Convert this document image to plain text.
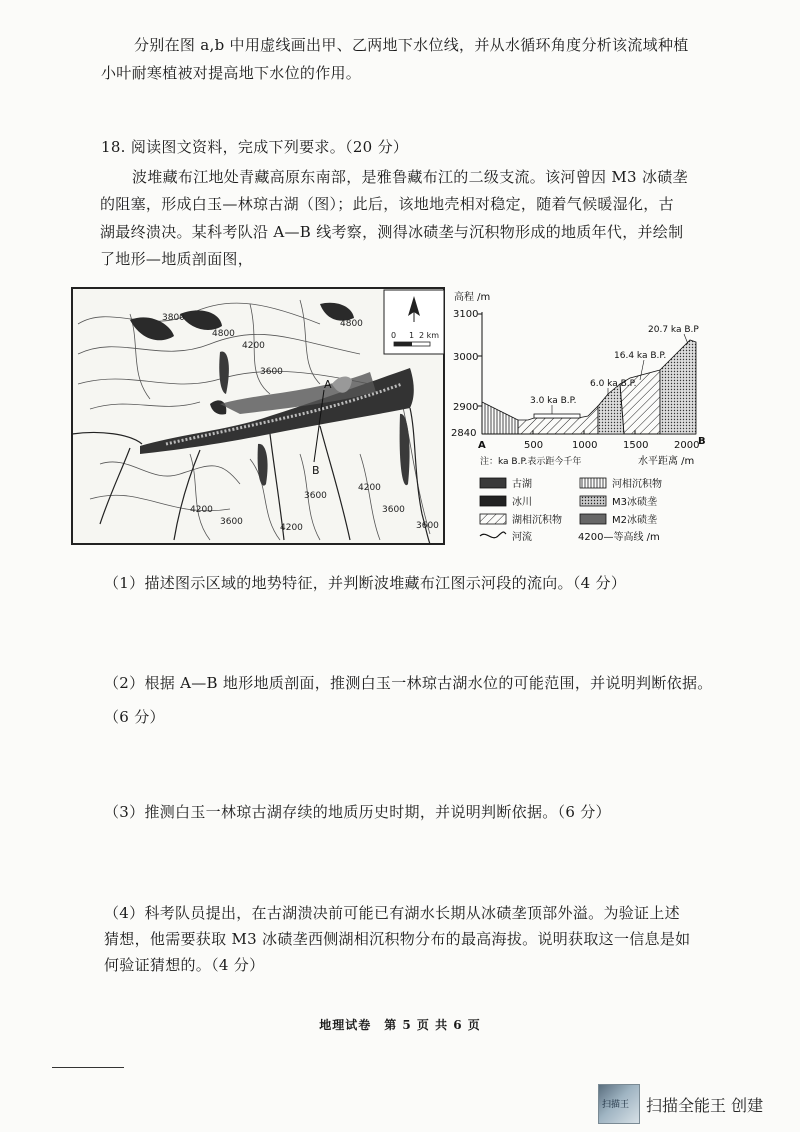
分别在图 a,b 中用虚线画出甲、乙两地下水位线，并从水循环角度分析该流域种植
小叶耐寒植被对提高地下水位的作用。
18. 阅读图文资料，完成下列要求。（20 分）
波堆藏布江地处青藏高原东南部，是雅鲁藏布江的二级支流。该河曾因 M3 冰碛垄
的阻塞，形成白玉—林琼古湖（图）；此后，该地地壳相对稳定，随着气候暖湿化，古
湖最终溃决。某科考队沿 A—B 线考察，测得冰碛垄与沉积物形成的地质年代，并绘制
了地形—地质剖面图，
3800
4800
4800
4200
3600
4200
3600
4200
3600
4200
3600
3600
A
B
0 1 2 km
高程 /m
3100
3000
2900
2840
500	1000	1500	2000
A	B
水平距离 /m
注：ka B.P.表示距今千年
20.7 ka B.P
16.4 ka B.P.
6.0 ka B.P.
3.0 ka B.P.
古湖	河相沉积物
冰川	M3冰碛垄
湖相沉积物	M2冰碛垄
河流	4200—等高线 /m
（1）描述图示区域的地势特征，并判断波堆藏布江图示河段的流向。（4 分）
（2）根据 A—B 地形地质剖面，推测白玉一林琼古湖水位的可能范围，并说明判断依据。
（6 分）
（3）推测白玉一林琼古湖存续的地质历史时期，并说明判断依据。（6 分）
（4）科考队员提出，在古湖溃决前可能已有湖水长期从冰碛垄顶部外溢。为验证上述
猜想，他需要获取 M3 冰碛垄西侧湖相沉积物分布的最高海拔。说明获取这一信息是如
何验证猜想的。（4 分）
地理试卷　第 5 页 共 6 页
扫描王 扫描全能王 创建
